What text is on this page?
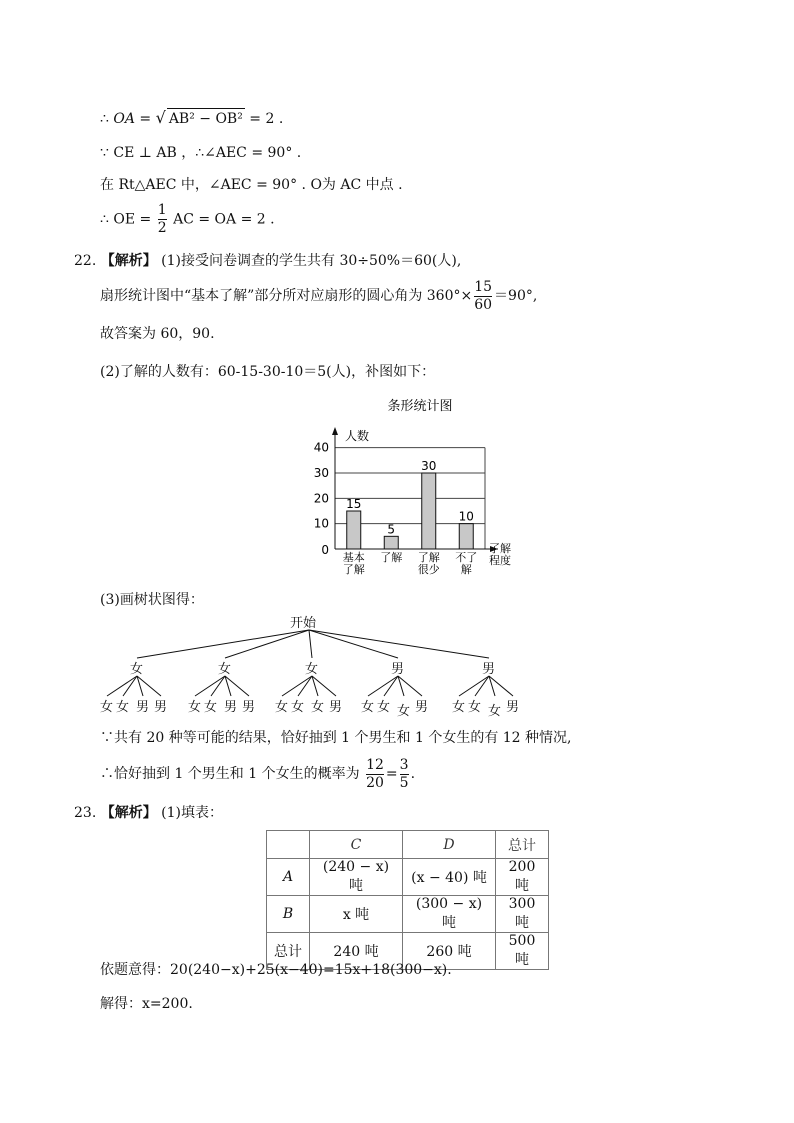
∴ OA = √ AB² − OB² = 2 .
∵ CE ⊥ AB ，∴∠AEC = 90° .
在 Rt△AEC 中，∠AEC = 90° . O为 AC 中点 .
∴ OE = $\frac{1}{2}$ AC = OA = 2 .
22. 【解析】 (1)接受问卷调查的学生共有 30÷50%＝60(人),
扇形统计图中“基本了解”部分所对应扇形的圆心角为 $360^\circ\times \frac{15}{60} =90^\circ$,
故答案为 60，90.
(2)了解的人数有：60-15-30-10＝5(人)，补图如下：
条形统计图
人数
0
10
20
30
40
15
基本
了解
5
了解
30
了解
很少
10
不了
解
了解
程度
(3)画树状图得：
开始
女
女 女 男 男
女
女 女 男 男
女
女 女 女 男
男
女 女 女 男
男
女 女 女 男
∵共有 20 种等可能的结果，恰好抽到 1 个男生和 1 个女生的有 12 种情况,
∴恰好抽到 1 个男生和 1 个女生的概率为 $\frac{12}{20} = \frac{3}{5}$ .
23. 【解析】 (1)填表：
	C	D	总计
A	(240 − x) 吨	(x − 40) 吨	200 吨
B	x 吨	(300 − x) 吨	300 吨
总计	240 吨	260 吨	500 吨
依题意得：20(240−x)+25(x−40)=15x+18(300−x).
解得：x=200.
